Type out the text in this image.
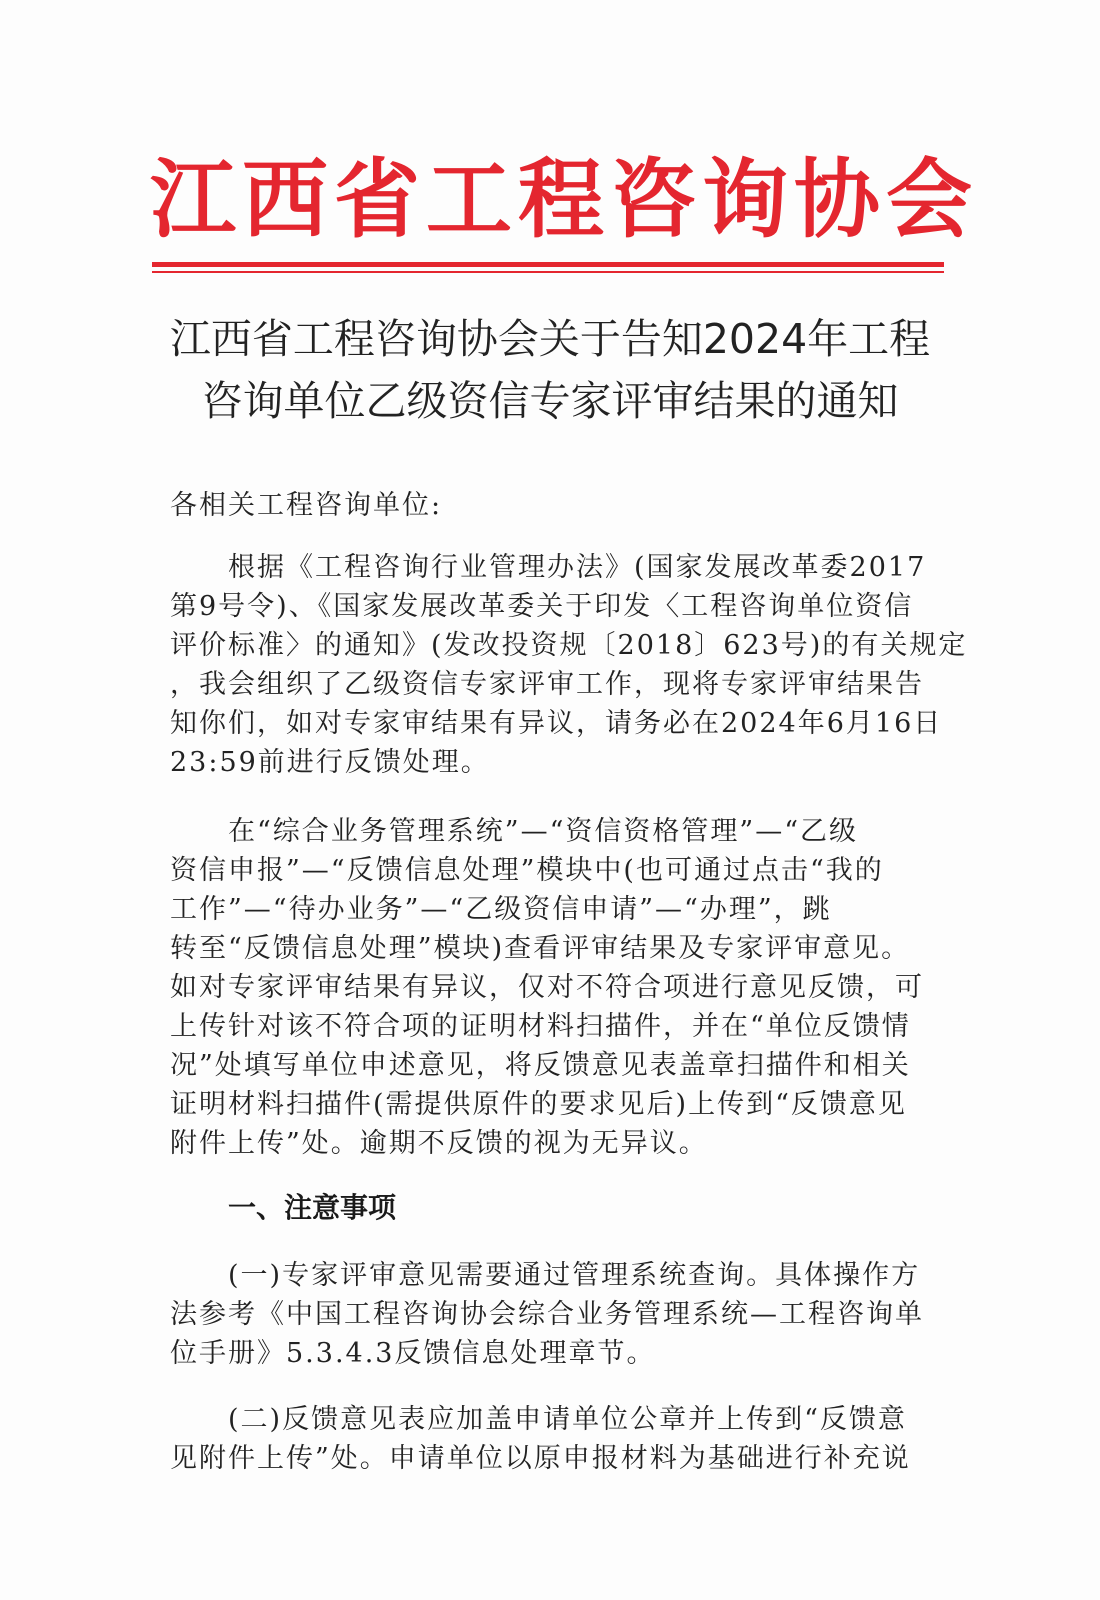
江西省工程咨询协会
江西省工程咨询协会关于告知2024年工程
咨询单位乙级资信专家评审结果的通知
各相关工程咨询单位:
　　根据《工程咨询行业管理办法》(国家发展改革委2017
第9号令)、《国家发展改革委关于印发〈工程咨询单位资信
评价标准〉的通知》(发改投资规〔2018〕623号)的有关规定
，我会组织了乙级资信专家评审工作，现将专家评审结果告
知你们，如对专家审结果有异议，请务必在2024年6月16日
23:59前进行反馈处理。
　　在“综合业务管理系统”—“资信资格管理”—“乙级
资信申报”—“反馈信息处理”模块中(也可通过点击“我的
工作”—“待办业务”—“乙级资信申请”—“办理”，跳
转至“反馈信息处理”模块)查看评审结果及专家评审意见。
如对专家评审结果有异议，仅对不符合项进行意见反馈，可
上传针对该不符合项的证明材料扫描件，并在“单位反馈情
况”处填写单位申述意见，将反馈意见表盖章扫描件和相关
证明材料扫描件(需提供原件的要求见后)上传到“反馈意见
附件上传”处。逾期不反馈的视为无异议。
一、注意事项
　　(一)专家评审意见需要通过管理系统查询。具体操作方
法参考《中国工程咨询协会综合业务管理系统—工程咨询单
位手册》5.3.4.3反馈信息处理章节。
　　(二)反馈意见表应加盖申请单位公章并上传到“反馈意
见附件上传”处。申请单位以原申报材料为基础进行补充说
